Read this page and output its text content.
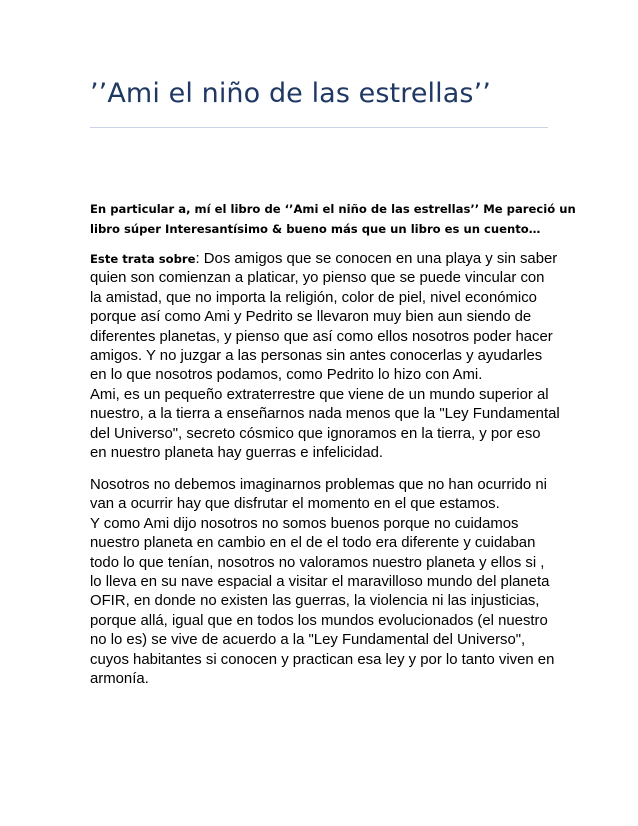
’’Ami el niño de las estrellas’’

En particular a, mí el libro de ‘’Ami el niño de las estrellas’’ Me pareció un
libro súper Interesantísimo & bueno más que un libro es un cuento…

Este trata sobre: Dos amigos que se conocen en una playa y sin saber
quien son comienzan a platicar, yo pienso que se puede vincular con
la amistad, que no importa la religión, color de piel, nivel económico
porque así como Ami y Pedrito se llevaron muy bien aun siendo de
diferentes planetas, y pienso que así como ellos nosotros poder hacer
amigos. Y no juzgar a las personas sin antes conocerlas y ayudarles
en lo que nosotros podamos, como Pedrito lo hizo con Ami.
Ami, es un pequeño extraterrestre que viene de un mundo superior al
nuestro, a la tierra a enseñarnos nada menos que la "Ley Fundamental
del Universo", secreto cósmico que ignoramos en la tierra, y por eso
en nuestro planeta hay guerras e infelicidad.

Nosotros no debemos imaginarnos problemas que no han ocurrido ni
van a ocurrir hay que disfrutar el momento en el que estamos.
Y como Ami dijo nosotros no somos buenos porque no cuidamos
nuestro planeta en cambio en el de el todo era diferente y cuidaban
todo lo que tenían, nosotros no valoramos nuestro planeta y ellos si ,
lo lleva en su nave espacial a visitar el maravilloso mundo del planeta
OFIR, en donde no existen las guerras, la violencia ni las injusticias,
porque allá, igual que en todos los mundos evolucionados (el nuestro
no lo es) se vive de acuerdo a la "Ley Fundamental del Universo",
cuyos habitantes si conocen y practican esa ley y por lo tanto viven en
armonía.
